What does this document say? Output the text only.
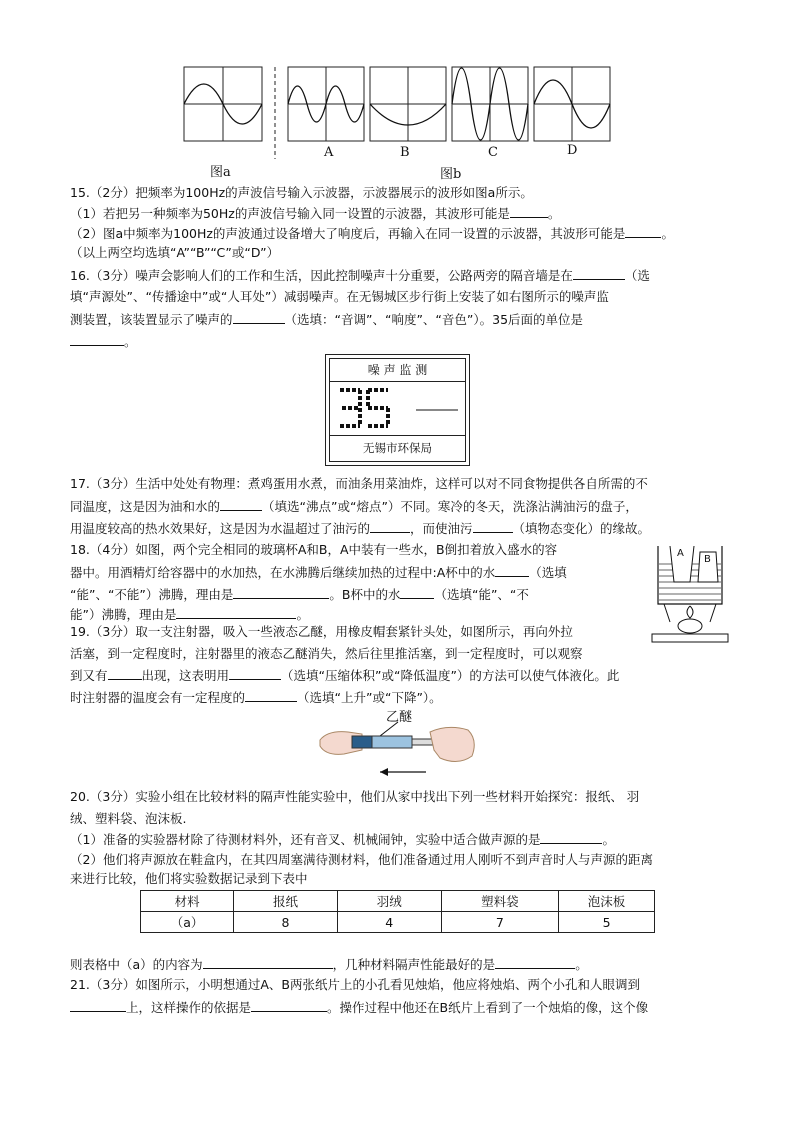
A	B	C	D
图a	图b
15.（2分）把频率为100Hz的声波信号输入示波器，示波器展示的波形如图a所示。
（1）若把另一种频率为50Hz的声波信号输入同一设置的示波器，其波形可能是	。
（2）图a中频率为100Hz的声波通过设备增大了响度后，再输入在同一设置的示波器，其波形可能是	。
（以上两空均选填“A”“B”“C”或“D”）
16.（3分）噪声会影响人们的工作和生活，因此控制噪声十分重要，公路两旁的隔音墙是在	（选
填“声源处”、“传播途中”或“人耳处”）减弱噪声。在无锡城区步行街上安装了如右图所示的噪声监
测装置，该装置显示了噪声的	（选填：“音调”、“响度”、“音色”）。35后面的单位是
。
噪 声 监 测
无锡市环保局
17.（3分）生活中处处有物理：煮鸡蛋用水煮，而油条用菜油炸，这样可以对不同食物提供各自所需的不
同温度，这是因为油和水的	（填选“沸点”或“熔点”）不同。寒冷的冬天，洗涤沾满油污的盘子，
用温度较高的热水效果好，这是因为水温超过了油污的	，而使油污	（填物态变化）的缘故。
18.（4分）如图，两个完全相同的玻璃杯A和B，A中装有一些水，B倒扣着放入盛水的容
器中。用酒精灯给容器中的水加热，在水沸腾后继续加热的过程中:A杯中的水	（选填
“能”、“不能”）沸腾，理由是	。B杯中的水	（选填“能”、“不
能”）沸腾，理由是	。
A
B
19.（3分）取一支注射器，吸入一些液态乙醚，用橡皮帽套紧针头处，如图所示，再向外拉
活塞，到一定程度时，注射器里的液态乙醚消失，然后往里推活塞，到一定程度时，可以观察
到又有	出现，这表明用	（选填“压缩体积”或“降低温度”）的方法可以使气体液化。此
时注射器的温度会有一定程度的	（选填“上升”或“下降”）。
乙醚
20.（3分）实验小组在比较材料的隔声性能实验中，他们从家中找出下列一些材料开始探究：报纸、 羽
绒、塑料袋、泡沫板.
（1）准备的实验器材除了待测材料外，还有音叉、机械闹钟，实验中适合做声源的是	。
（2）他们将声源放在鞋盒内，在其四周塞满待测材料，他们准备通过用人刚听不到声音时人与声源的距离
来进行比较，他们将实验数据记录到下表中
材料	报纸	羽绒	塑料袋	泡沫板
（a）	8	4	7	5
则表格中（a）的内容为	，几种材料隔声性能最好的是	。
21.（3分）如图所示，小明想通过A、B两张纸片上的小孔看见烛焰，他应将烛焰、两个小孔和人眼调到
上，这样操作的依据是	。操作过程中他还在B纸片上看到了一个烛焰的像，这个像
